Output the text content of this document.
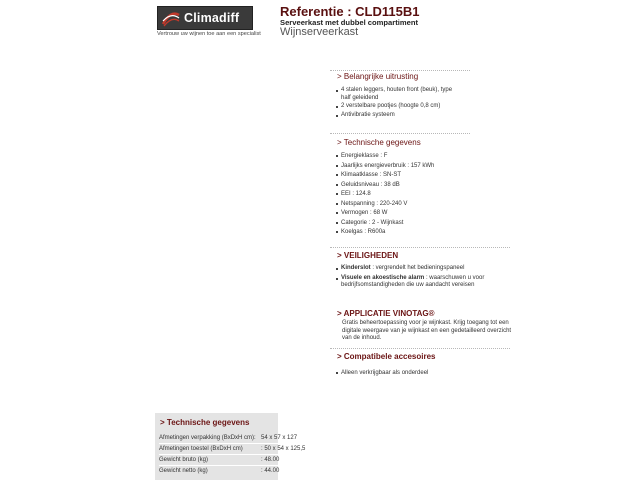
Climadiff
Vertrouw uw wijnen toe aan een specialist
Referentie : CLD115B1
Serveerkast met dubbel compartiment
Wijnserveerkast
> Belangrijke uitrusting
4 stalen leggers, houten front (beuk), type half geleidend
2 verstelbare pootjes (hoogte 0,8 cm)
Antivibratie systeem
> Technische gegevens
Energieklasse : F
Jaarlijks energieverbruik : 157 kWh
Klimaatklasse : SN-ST
Geluidsniveau : 38 dB
EEI : 124.8
Netspanning : 220-240 V
Vermogen : 68 W
Categorie : 2 - Wijnkast
Koelgas : R600a
> VEILIGHEDEN
Kinderslot : vergrendelt het bedieningspaneel
Visuele en akoestische alarm : waarschuwen u voor bedrijfsomstandigheden die uw aandacht vereisen
> APPLICATIE VINOTAG®
Gratis beheertoepassing voor je wijnkast. Krijg toegang tot een digitale weergave van je wijnkast en een gedetailleerd overzicht van de inhoud.
> Compatibele accesoires
Alleen verkrijgbaar als onderdeel
> Technische gegevens
Afmetingen verpakking (BxDxH cm):	54 x 57 x 127
Afmetingen toestel (BxDxH cm)	: 50 x 54 x 125,5
Gewicht bruto (kg)	: 48.00
Gewicht netto (kg)	: 44.00
